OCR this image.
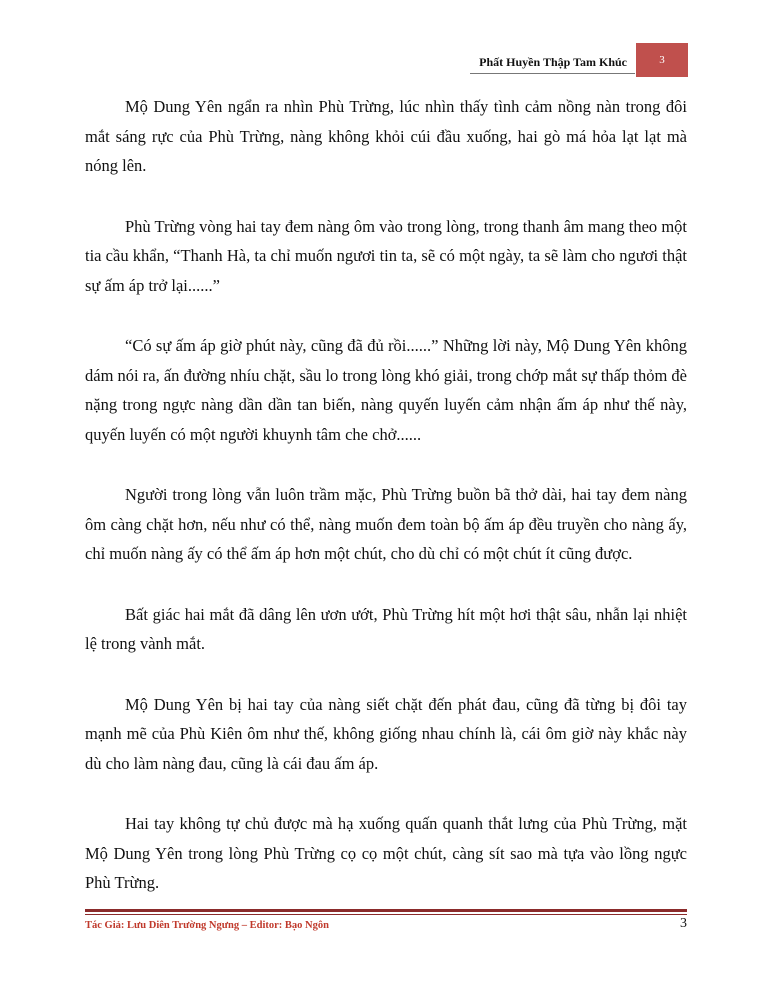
Phất Huyền Thập Tam Khúc	3

Mộ Dung Yên ngẩn ra nhìn Phù Trừng, lúc nhìn thấy tình cảm nồng nàn trong đôi mắt sáng rực của Phù Trừng, nàng không khỏi cúi đầu xuống, hai gò má hỏa lạt lạt mà nóng lên.

Phù Trừng vòng hai tay đem nàng ôm vào trong lòng, trong thanh âm mang theo một tia cầu khẩn, “Thanh Hà, ta chỉ muốn ngươi tin ta, sẽ có một ngày, ta sẽ làm cho ngươi thật sự ấm áp trở lại......”

“Có sự ấm áp giờ phút này, cũng đã đủ rồi......” Những lời này, Mộ Dung Yên không dám nói ra, ấn đường nhíu chặt, sầu lo trong lòng khó giải, trong chớp mắt sự thấp thỏm đè nặng trong ngực nàng dần dần tan biến, nàng quyến luyến cảm nhận ấm áp như thế này, quyến luyến có một người khuynh tâm che chở......

Người trong lòng vẫn luôn trầm mặc, Phù Trừng buồn bã thở dài, hai tay đem nàng ôm càng chặt hơn, nếu như có thể, nàng muốn đem toàn bộ ấm áp đều truyền cho nàng ấy, chỉ muốn nàng ấy có thể ấm áp hơn một chút, cho dù chỉ có một chút ít cũng được.

Bất giác hai mắt đã dâng lên ươn ướt, Phù Trừng hít một hơi thật sâu, nhẫn lại nhiệt lệ trong vành mắt.

Mộ Dung Yên bị hai tay của nàng siết chặt đến phát đau, cũng đã từng bị đôi tay mạnh mẽ của Phù Kiên ôm như thế, không giống nhau chính là, cái ôm giờ này khắc này dù cho làm nàng đau, cũng là cái đau ấm áp.

Hai tay không tự chủ được mà hạ xuống quấn quanh thắt lưng của Phù Trừng, mặt Mộ Dung Yên trong lòng Phù Trừng cọ cọ một chút, càng sít sao mà tựa vào lồng ngực Phù Trừng.

Tác Giả: Lưu Diên Trường Ngưng – Editor: Bạo Ngôn	3
